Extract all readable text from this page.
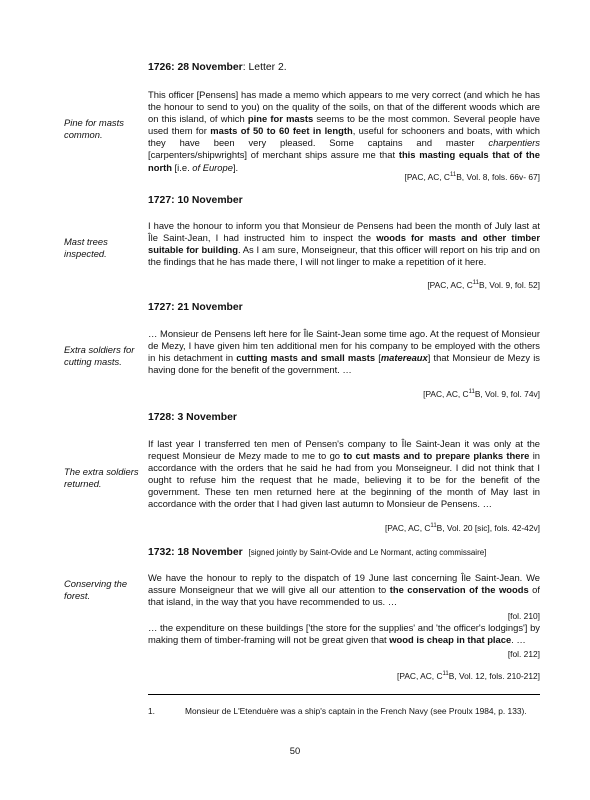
1726: 28 November: Letter 2.
Pine for masts common.
This officer [Pensens] has made a memo which appears to me very correct (and which he has the honour to send to you) on the quality of the soils, on that of the different woods which are on this island, of which pine for masts seems to be the most common. Several people have used them for masts of 50 to 60 feet in length, useful for schooners and boats, with which they have been very pleased. Some captains and master charpentiers [carpenters/shipwrights] of merchant ships assure me that this masting equals that of the north [i.e. of Europe].
[PAC, AC, $C^{11}B$, Vol. 8, fols. 66v- 67]
1727: 10 November
Mast trees inspected.
I have the honour to inform you that Monsieur de Pensens had been the month of July last at Île Saint-Jean, I had instructed him to inspect the woods for masts and other timber suitable for building. As I am sure, Monseigneur, that this officer will report on his trip and on the findings that he has made there, I will not linger to make a repetition of it here.
[PAC, AC, $C^{11}B$, Vol. 9, fol. 52]
1727: 21 November
Extra soldiers for cutting masts.
… Monsieur de Pensens left here for Île Saint-Jean some time ago. At the request of Monsieur de Mezy, I have given him ten additional men for his company to be employed with the others in his detachment in cutting masts and small masts [matereaux] that Monsieur de Mezy is having done for the benefit of the government. …
[PAC, AC, $C^{11}B$, Vol. 9, fol. 74v]
1728: 3 November
The extra soldiers returned.
If last year I transferred ten men of Pensen's company to Île Saint-Jean it was only at the request Monsieur de Mezy made to me to go to cut masts and to prepare planks there in accordance with the orders that he said he had from you Monseigneur. I did not think that I ought to refuse him the request that he made, believing it to be for the benefit of the government. These ten men returned here at the beginning of the month of May last in accordance with the order that I had given last autumn to Monsieur de Pensens. …
[PAC, AC, $C^{11}B$, Vol. 20 [sic], fols. 42-42v]
1732: 18 November [signed jointly by Saint-Ovide and Le Normant, acting commissaire]
Conserving the forest.
We have the honour to reply to the dispatch of 19 June last concerning Île Saint-Jean. We assure Monseigneur that we will give all our attention to the conservation of the woods of that island, in the way that you have recommended to us. …
[fol. 210]
… the expenditure on these buildings ['the store for the supplies' and 'the officer's lodgings'] by making them of timber-framing will not be great given that wood is cheap in that place. …
[fol. 212]
[PAC, AC, $C^{11}B$, Vol. 12, fols. 210-212]
1.	Monsieur de L'Etenduère was a ship's captain in the French Navy (see Proulx 1984, p. 133).
50
